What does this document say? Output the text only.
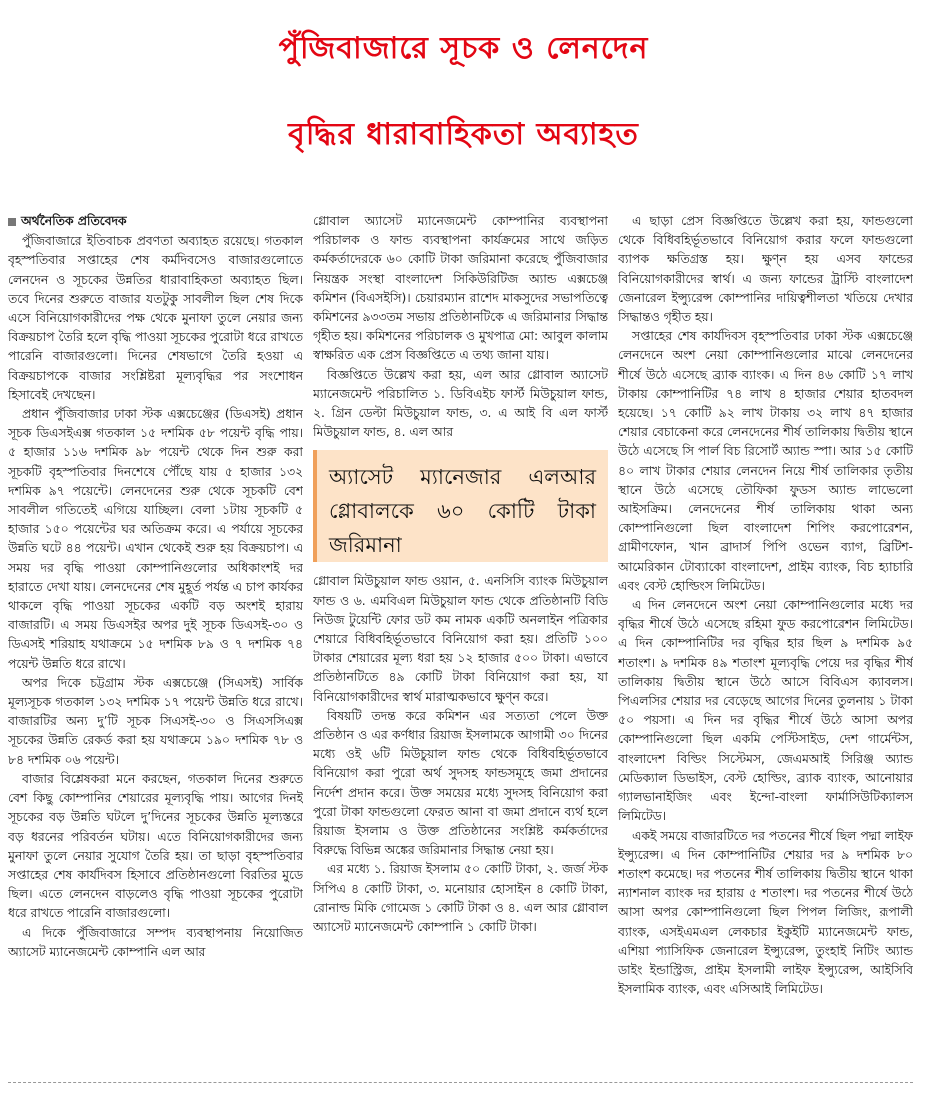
পুঁজিবাজারে সূচক ও লেনদেন
বৃদ্ধির ধারাবাহিকতা অব্যাহত
অর্থনৈতিক প্রতিবেদক

পুঁজিবাজারে ইতিবাচক প্রবণতা অব্যাহত রয়েছে। গতকাল বৃহস্পতিবার সপ্তাহের শেষ কর্মদিবসেও বাজারগুলোতে লেনদেন ও সূচকের উন্নতির ধারাবাহিকতা অব্যাহত ছিল। তবে দিনের শুরুতে বাজার যতটুকু সাবলীল ছিল শেষ দিকে এসে বিনিয়োগকারীদের পক্ষ থেকে মুনাফা তুলে নেয়ার জন্য বিক্রয়চাপ তৈরি হলে বৃদ্ধি পাওয়া সূচকের পুরোটা ধরে রাখতে পারেনি বাজারগুলো। দিনের শেষভাগে তৈরি হওয়া এ বিক্রয়চাপকে বাজার সংশ্লিষ্টরা মূল্যবৃদ্ধির পর সংশোধন হিসাবেই দেখছেন।

প্রধান পুঁজিবাজার ঢাকা স্টক এক্সচেঞ্জের (ডিএসই) প্রধান সূচক ডিএসইএক্স গতকাল ১৫ দশমিক ৫৮ পয়েন্ট বৃদ্ধি পায়। ৫ হাজার ১১৬ দশমিক ৯৮ পয়েন্ট থেকে দিন শুরু করা সূচকটি বৃহস্পতিবার দিনশেষে পৌঁছে যায় ৫ হাজার ১৩২ দশমিক ৯৭ পয়েন্টে। লেনদেনের শুরু থেকে সূচকটি বেশ সাবলীল গতিতেই এগিয়ে যাচ্ছিল। বেলা ১টায় সূচকটি ৫ হাজার ১৫০ পয়েন্টের ঘর অতিক্রম করে। এ পর্যায়ে সূচকের উন্নতি ঘটে ৪৪ পয়েন্ট। এখান থেকেই শুরু হয় বিক্রয়চাপ। এ সময় দর বৃদ্ধি পাওয়া কোম্পানিগুলোর অধিকাংশই দর হারাতে দেখা যায়। লেনদেনের শেষ মুহূর্ত পর্যন্ত এ চাপ কার্যকর থাকলে বৃদ্ধি পাওয়া সূচকের একটি বড় অংশই হারায় বাজারটি। এ সময় ডিএসইর অপর দুই সূচক ডিএসই-৩০ ও ডিএসই শরিয়াহ যথাক্রমে ১৫ দশমিক ৮৯ ও ৭ দশমিক ৭৪ পয়েন্ট উন্নতি ধরে রাখে।

অপর দিকে চট্টগ্রাম স্টক এক্সচেঞ্জে (সিএসই) সার্বিক মূল্যসূচক গতকাল ১৩২ দশমিক ১৭ পয়েন্ট উন্নতি ধরে রাখে। বাজারটির অন্য দু’টি সূচক সিএসই-৩০ ও সিএসসিএক্স সূচকের উন্নতি রেকর্ড করা হয় যথাক্রমে ১৯০ দশমিক ৭৮ ও ৮৪ দশমিক ০৬ পয়েন্ট।

বাজার বিশ্লেষকরা মনে করছেন, গতকাল দিনের শুরুতে বেশ কিছু কোম্পানির শেয়ারের মূল্যবৃদ্ধি পায়। আগের দিনই সূচকের বড় উন্নতি ঘটলে দু’দিনের সূচকের উন্নতি মূল্যস্তরে বড় ধরনের পরিবর্তন ঘটায়। এতে বিনিয়োগকারীদের জন্য মুনাফা তুলে নেয়ার সুযোগ তৈরি হয়। তা ছাড়া বৃহস্পতিবার সপ্তাহের শেষ কার্যদিবস হিসাবে প্রতিষ্ঠানগুলো বিরতির মুডে ছিল। এতে লেনদেন বাড়লেও বৃদ্ধি পাওয়া সূচকের পুরোটা ধরে রাখতে পারেনি বাজারগুলো।

এ দিকে পুঁজিবাজারে সম্পদ ব্যবস্থাপনায় নিয়োজিত অ্যাসেট ম্যানেজমেন্ট কোম্পানি এল আর

গ্লোবাল অ্যাসেট ম্যানেজমেন্ট কোম্পানির ব্যবস্থাপনা পরিচালক ও ফান্ড ব্যবস্থাপনা কার্যক্রমের সাথে জড়িত কর্মকর্তাদেরকে ৬০ কোটি টাকা জরিমানা করেছে পুঁজিবাজার নিয়ন্ত্রক সংস্থা বাংলাদেশ সিকিউরিটিজ অ্যান্ড এক্সচেঞ্জ কমিশন (বিএসইসি)। চেয়ারম্যান রাশেদ মাকসুদের সভাপতিত্বে কমিশনের ৯৩৩তম সভায় প্রতিষ্ঠানটিকে এ জরিমানার সিদ্ধান্ত গৃহীত হয়। কমিশনের পরিচালক ও মুখপাত্র মো: আবুল কালাম স্বাক্ষরিত এক প্রেস বিজ্ঞপ্তিতে এ তথ্য জানা যায়।

বিজ্ঞপ্তিতে উল্লেখ করা হয়, এল আর গ্লোবাল অ্যাসেট ম্যানেজমেন্ট পরিচালিত ১. ডিবিএইচ ফার্স্ট মিউচুয়াল ফান্ড, ২. গ্রিন ডেল্টা মিউচুয়াল ফান্ড, ৩. এ আই বি এল ফার্স্ট মিউচুয়াল ফান্ড, ৪. এল আর

অ্যাসেট ম্যানেজার এলআর গ্লোবালকে ৬০ কোটি টাকা জরিমানা

গ্লোবাল মিউচুয়াল ফান্ড ওয়ান, ৫. এনসিসি ব্যাংক মিউচুয়াল ফান্ড ও ৬. এমবিএল মিউচুয়াল ফান্ড থেকে প্রতিষ্ঠানটি বিডি নিউজ টুয়েন্টি ফোর ডট কম নামক একটি অনলাইন পত্রিকার শেয়ারে বিধিবহির্ভূতভাবে বিনিয়োগ করা হয়। প্রতিটি ১০০ টাকার শেয়ারের মূল্য ধরা হয় ১২ হাজার ৫০০ টাকা। এভাবে প্রতিষ্ঠানটিতে ৪৯ কোটি টাকা বিনিয়োগ করা হয়, যা বিনিয়োগকারীদের স্বার্থ মারাত্মকভাবে ক্ষুণ্ন করে।

বিষয়টি তদন্ত করে কমিশন এর সত্যতা পেলে উক্ত প্রতিষ্ঠান ও এর কর্ণধার রিয়াজ ইসলামকে আগামী ৩০ দিনের মধ্যে ওই ৬টি মিউচুয়াল ফান্ড থেকে বিধিবহির্ভূতভাবে বিনিয়োগ করা পুরো অর্থ সুদসহ ফান্ডসমূহে জমা প্রদানের নির্দেশ প্রদান করে। উক্ত সময়ের মধ্যে সুদসহ বিনিয়োগ করা পুরো টাকা ফান্ডগুলো ফেরত আনা বা জমা প্রদানে ব্যর্থ হলে রিয়াজ ইসলাম ও উক্ত প্রতিষ্ঠানের সংশ্লিষ্ট কর্মকর্তাদের বিরুদ্ধে বিভিন্ন অঙ্কের জরিমানার সিদ্ধান্ত নেয়া হয়।

এর মধ্যে ১. রিয়াজ ইসলাম ৫০ কোটি টাকা, ২. জর্জ স্টক সিপিএ ৪ কোটি টাকা, ৩. মনোয়ার হোসাইন ৪ কোটি টাকা, রোনাল্ড মিকি গোমেজ ১ কোটি টাকা ও ৪. এল আর গ্লোবাল অ্যাসেট ম্যানেজমেন্ট কোম্পানি ১ কোটি টাকা।

এ ছাড়া প্রেস বিজ্ঞপ্তিতে উল্লেখ করা হয়, ফান্ডগুলো থেকে বিধিবহির্ভূতভাবে বিনিয়োগ করার ফলে ফান্ডগুলো ব্যাপক ক্ষতিগ্রস্ত হয়। ক্ষুণ্ন হয় এসব ফান্ডের বিনিয়োগকারীদের স্বার্থ। এ জন্য ফান্ডের ট্রাস্টি বাংলাদেশ জেনারেল ইন্স্যুরেন্স কোম্পানির দায়িত্বশীলতা খতিয়ে দেখার সিদ্ধান্তও গৃহীত হয়।

সপ্তাহের শেষ কার্যদিবস বৃহস্পতিবার ঢাকা স্টক এক্সচেঞ্জে লেনদেনে অংশ নেয়া কোম্পানিগুলোর মাঝে লেনদেনের শীর্ষে উঠে এসেছে ব্র্যাক ব্যাংক। এ দিন ৪৬ কোটি ১৭ লাখ টাকায় কোম্পানিটির ৭৪ লাখ ৪ হাজার শেয়ার হাতবদল হয়েছে। ১৭ কোটি ৯২ লাখ টাকায় ৩২ লাখ ৪৭ হাজার শেয়ার বেচাকেনা করে লেনদেনের শীর্ষ তালিকায় দ্বিতীয় স্থানে উঠে এসেছে সি পার্ল বিচ রিসোর্ট অ্যান্ড স্পা। আর ১৫ কোটি ৪০ লাখ টাকার শেয়ার লেনদেন নিয়ে শীর্ষ তালিকার তৃতীয় স্থানে উঠে এসেছে তৌফিকা ফুডস অ্যান্ড লাভেলো আইসক্রিম। লেনদেনের শীর্ষ তালিকায় থাকা অন্য কোম্পানিগুলো ছিল বাংলাদেশ শিপিং করপোরেশন, গ্রামীণফোন, খান ব্রাদার্স পিপি ওভেন ব্যাগ, ব্রিটিশ-আমেরিকান টোব্যাকো বাংলাদেশ, প্রাইম ব্যাংক, বিচ হ্যাচারি এবং বেস্ট হোল্ডিংস লিমিটেড।

এ দিন লেনদেনে অংশ নেয়া কোম্পানিগুলোর মধ্যে দর বৃদ্ধির শীর্ষে উঠে এসেছে রহিমা ফুড করপোরেশন লিমিটেড। এ দিন কোম্পানিটির দর বৃদ্ধির হার ছিল ৯ দশমিক ৯৫ শতাংশ। ৯ দশমিক ৪৯ শতাংশ মূল্যবৃদ্ধি পেয়ে দর বৃদ্ধির শীর্ষ তালিকায় দ্বিতীয় স্থানে উঠে আসে বিবিএস ক্যাবলস। পিএলসির শেয়ার দর বেড়েছে আগের দিনের তুলনায় ১ টাকা ৫০ পয়সা। এ দিন দর বৃদ্ধির শীর্ষে উঠে আসা অপর কোম্পানিগুলো ছিল একমি পেস্টিসাইড, দেশ গার্মেন্টস, বাংলাদেশ বিল্ডিং সিস্টেমস, জেএমআই সিরিঞ্জ অ্যান্ড মেডিক্যাল ডিভাইস, বেস্ট হোল্ডিং, ব্র্যাক ব্যাংক, আনোয়ার গ্যালভানাইজিং এবং ইন্দো-বাংলা ফার্মাসিউটিক্যালস লিমিটেড।

একই সময়ে বাজারটিতে দর পতনের শীর্ষে ছিল পদ্মা লাইফ ইন্স্যুরেন্স। এ দিন কোম্পানিটির শেয়ার দর ৯ দশমিক ৮০ শতাংশ কমেছে। দর পতনের শীর্ষ তালিকায় দ্বিতীয় স্থানে থাকা ন্যাশনাল ব্যাংক দর হারায় ৫ শতাংশ। দর পতনের শীর্ষে উঠে আসা অপর কোম্পানিগুলো ছিল পিপল লিজিং, রূপালী ব্যাংক, এসইএমএল লেকচার ইকুইটি ম্যানেজমেন্ট ফান্ড, এশিয়া প্যাসিফিক জেনারেল ইন্স্যুরেন্স, তুংহাই নিটিং অ্যান্ড ডাইং ইন্ডাস্ট্রিজ, প্রাইম ইসলামী লাইফ ইন্স্যুরেন্স, আইসিবি ইসলামিক ব্যাংক, এবং এসিআই লিমিটেড।
